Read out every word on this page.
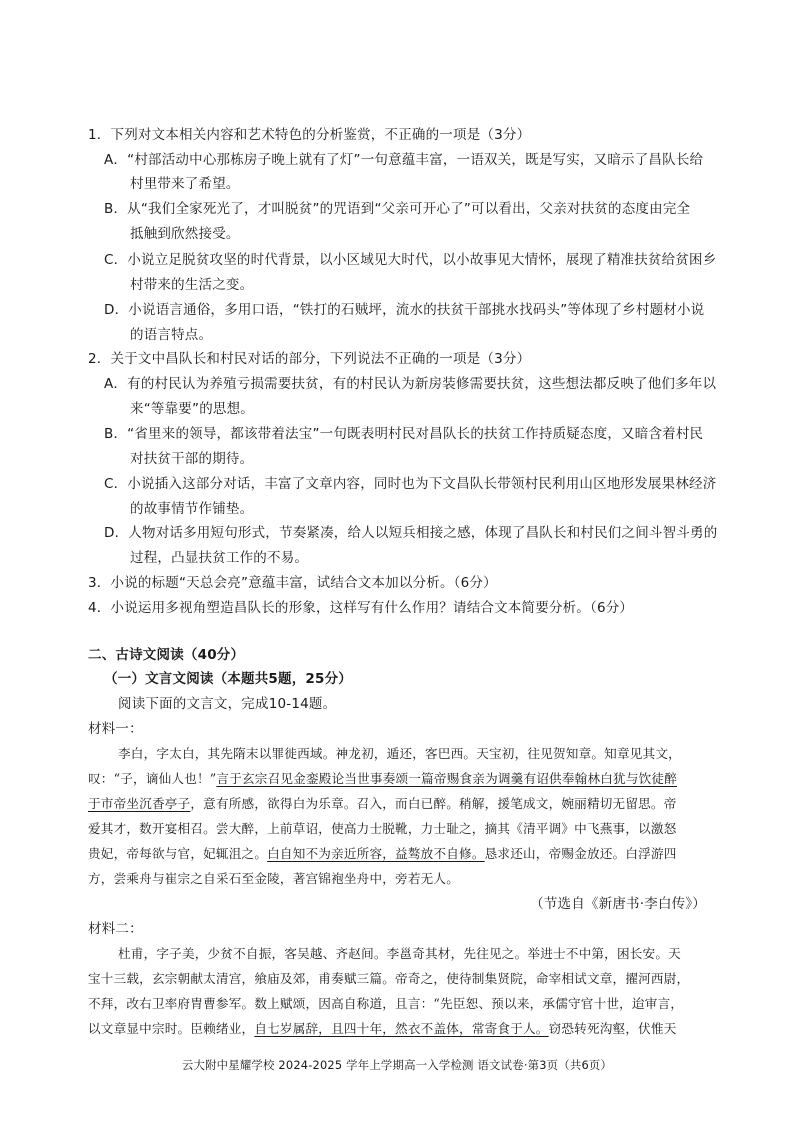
1．下列对文本相关内容和艺术特色的分析鉴赏，不正确的一项是（3分）
A．“村部活动中心那栋房子晚上就有了灯”一句意蕴丰富，一语双关，既是写实，又暗示了昌队长给
村里带来了希望。
B．从“我们全家死光了，才叫脱贫”的咒语到“父亲可开心了”可以看出，父亲对扶贫的态度由完全
抵触到欣然接受。
C．小说立足脱贫攻坚的时代背景，以小区域见大时代，以小故事见大情怀，展现了精准扶贫给贫困乡
村带来的生活之变。
D．小说语言通俗，多用口语，“铁打的石贼坪，流水的扶贫干部挑水找码头”等体现了乡村题材小说
的语言特点。
2．关于文中昌队长和村民对话的部分，下列说法不正确的一项是（3分）
A．有的村民认为养殖亏损需要扶贫，有的村民认为新房装修需要扶贫，这些想法都反映了他们多年以
来“等靠要”的思想。
B．“省里来的领导，都该带着法宝”一句既表明村民对昌队长的扶贫工作持质疑态度，又暗含着村民
对扶贫干部的期待。
C．小说插入这部分对话，丰富了文章内容，同时也为下文昌队长带领村民利用山区地形发展果林经济
的故事情节作铺垫。
D．人物对话多用短句形式，节奏紧凑，给人以短兵相接之感，体现了昌队长和村民们之间斗智斗勇的
过程，凸显扶贫工作的不易。
3．小说的标题“天总会亮”意蕴丰富，试结合文本加以分析。（6分）
4．小说运用多视角塑造昌队长的形象，这样写有什么作用？请结合文本简要分析。（6分）
二、古诗文阅读（40分）
（一）文言文阅读（本题共5题，25分）
阅读下面的文言文，完成10-14题。
材料一：
李白，字太白，其先隋末以罪徙西域。神龙初，遁还，客巴西。天宝初，往见贺知章。知章见其文，
叹：“子，谪仙人也！”言于玄宗召见金銮殿论当世事奏颂一篇帝赐食亲为调羹有诏供奉翰林白犹与饮徒醉
于市帝坐沉香亭子，意有所感，欲得白为乐章。召入，而白已醉。稍解，援笔成文，婉丽精切无留思。帝
爱其才，数开宴相召。尝大醉，上前草诏，使高力士脱靴，力士耻之，摘其《清平调》中飞燕事，以激怒
贵妃，帝每欲与官，妃辄沮之。白自知不为亲近所容，益骜放不自修。恳求还山，帝赐金放还。白浮游四
方，尝乘舟与崔宗之自采石至金陵，著宫锦袍坐舟中，旁若无人。
（节选自《新唐书·李白传》）
材料二：
杜甫，字子美，少贫不自振，客吴越、齐赵间。李邕奇其材，先往见之。举进士不中第，困长安。天
宝十三载，玄宗朝献太清宫，飨庙及郊，甫奏赋三篇。帝奇之，使待制集贤院，命宰相试文章，擢河西尉，
不拜，改右卫率府胄曹参军。数上赋颂，因高自称道，且言：“先臣恕、预以来，承儒守官十世，迨审言，
以文章显中宗时。臣赖绪业，自七岁属辞，且四十年，然衣不盖体，常寄食于人。窃恐转死沟壑，伏惟天
云大附中星耀学校 2024-2025 学年上学期高一入学检测 语文试卷·第3页（共6页）
